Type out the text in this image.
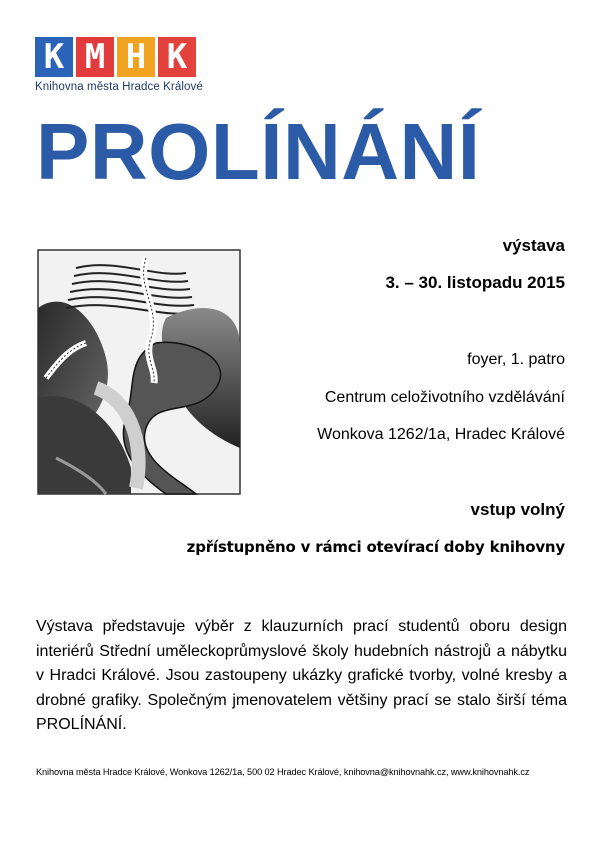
K M H K
Knihovna města Hradce Králové
PROLÍNÁNÍ
výstava
3. – 30. listopadu 2015
foyer, 1. patro
Centrum celoživotního vzdělávání
Wonkova 1262/1a, Hradec Králové
vstup volný
zpřístupněno v rámci otevírací doby knihovny
Výstava představuje výběr z klauzurních prací studentů oboru design interiérů Střední uměleckoprůmyslové školy hudebních nástrojů a nábytku v Hradci Králové. Jsou zastoupeny ukázky grafické tvorby, volné kresby a drobné grafiky. Společným jmenovatelem většiny prací se stalo širší téma PROLÍNÁNÍ.
Knihovna města Hradce Králové, Wonkova 1262/1a, 500 02 Hradec Králové, knihovna@knihovnahk.cz, www.knihovnahk.cz
